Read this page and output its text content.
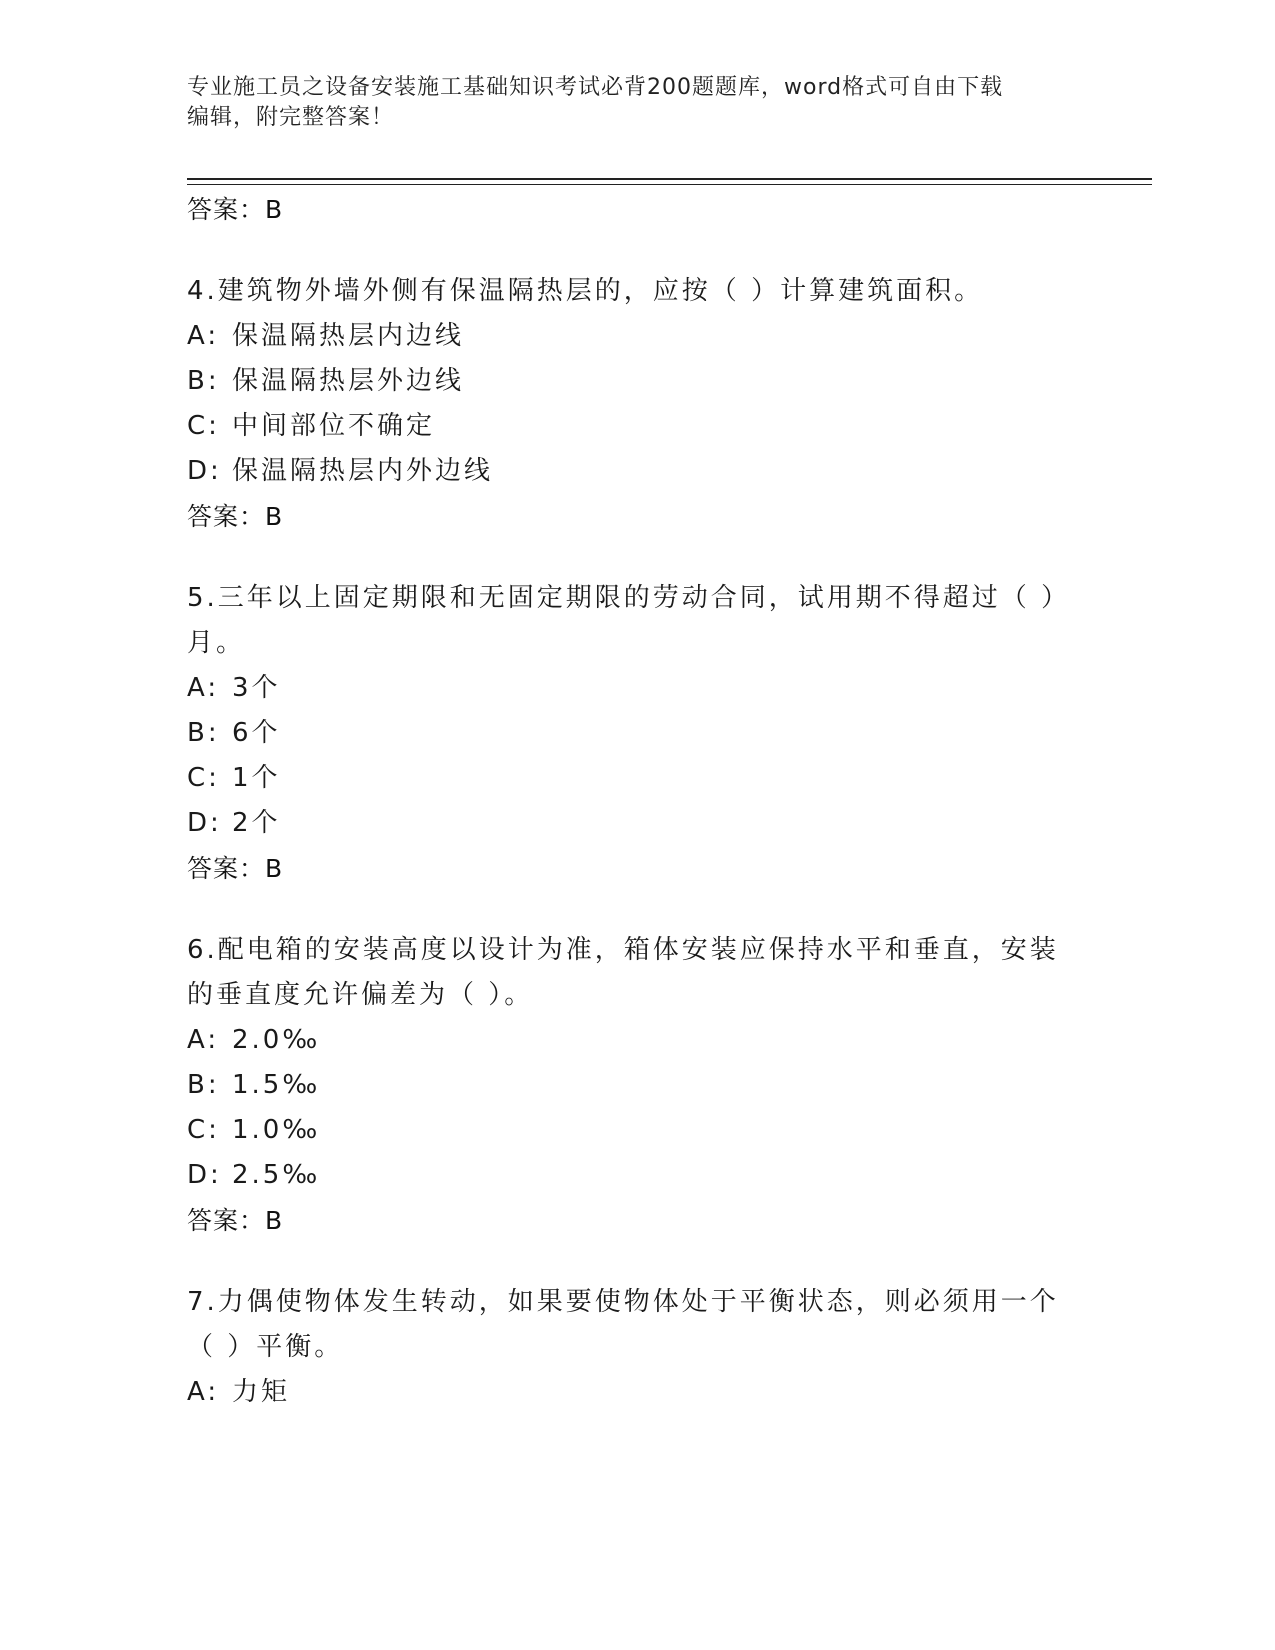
专业施工员之设备安装施工基础知识考试必背200题题库，word格式可自由下载
编辑，附完整答案！
答案：B
4.建筑物外墙外侧有保温隔热层的，应按（ ）计算建筑面积。
A: 保温隔热层内边线
B: 保温隔热层外边线
C: 中间部位不确定
D: 保温隔热层内外边线
答案：B
5.三年以上固定期限和无固定期限的劳动合同，试用期不得超过（ ）
月。
A: 3个
B: 6个
C: 1个
D: 2个
答案：B
6.配电箱的安装高度以设计为准，箱体安装应保持水平和垂直，安装
的垂直度允许偏差为（ ）。
A: 2.0‰
B: 1.5‰
C: 1.0‰
D: 2.5‰
答案：B
7.力偶使物体发生转动，如果要使物体处于平衡状态，则必须用一个
（ ）平衡。
A: 力矩
